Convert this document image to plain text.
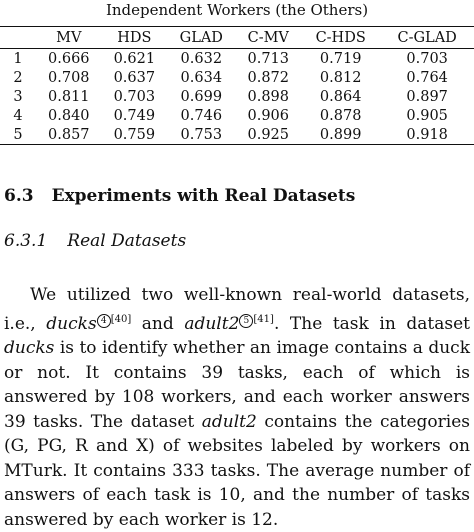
Independent Workers (the Others)
	MV	HDS	GLAD	C-MV	C-HDS	C-GLAD
1	0.666	0.621	0.632	0.713	0.719	0.703
2	0.708	0.637	0.634	0.872	0.812	0.764
3	0.811	0.703	0.699	0.898	0.864	0.897
4	0.840	0.749	0.746	0.906	0.878	0.905
5	0.857	0.759	0.753	0.925	0.899	0.918
6.3 Experiments with Real Datasets
6.3.1 Real Datasets

We utilized two well-known real-world datasets, i.e., ducks 4 [40] and adult2 5 [41]. The task in dataset ducks is to identify whether an image contains a duck or not. It contains 39 tasks, each of which is answered by 108 workers, and each worker answers 39 tasks. The dataset adult2 contains the categories (G, PG, R and X) of websites labeled by workers on MTurk. It contains 333 tasks. The average number of answers of each task is 10, and the number of tasks answered by each worker is 12.
